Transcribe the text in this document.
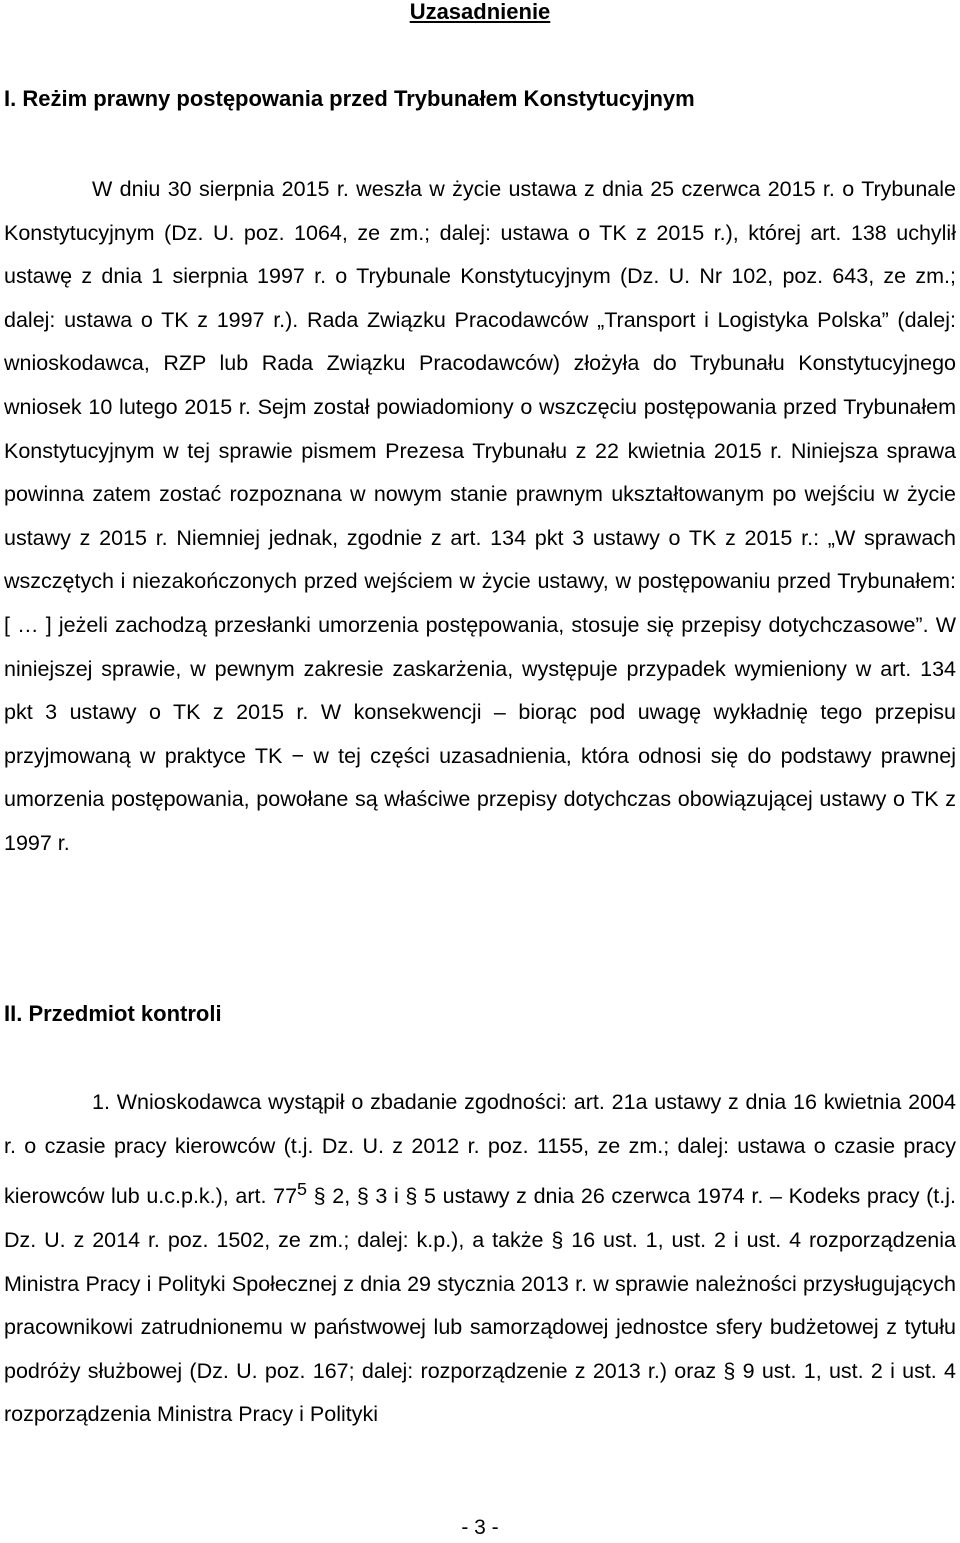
Uzasadnienie
I. Reżim prawny postępowania przed Trybunałem Konstytucyjnym

W dniu 30 sierpnia 2015 r. weszła w życie ustawa z dnia 25 czerwca 2015 r. o Trybunale Konstytucyjnym (Dz. U. poz. 1064, ze zm.; dalej: ustawa o TK z 2015 r.), której art. 138 uchylił ustawę z dnia 1 sierpnia 1997 r. o Trybunale Konstytucyjnym (Dz. U. Nr 102, poz. 643, ze zm.; dalej: ustawa o TK z 1997 r.). Rada Związku Pracodawców „Transport i Logistyka Polska” (dalej: wnioskodawca, RZP lub Rada Związku Pracodawców) złożyła do Trybunału Konstytucyjnego wniosek 10 lutego 2015 r. Sejm został powiadomiony o wszczęciu postępowania przed Trybunałem Konstytucyjnym w tej sprawie pismem Prezesa Trybunału z 22 kwietnia 2015 r. Niniejsza sprawa powinna zatem zostać rozpoznana w nowym stanie prawnym ukształtowanym po wejściu w życie ustawy z 2015 r. Niemniej jednak, zgodnie z art. 134 pkt 3 ustawy o TK z 2015 r.: „W sprawach wszczętych i niezakończonych przed wejściem w życie ustawy, w postępowaniu przed Trybunałem: [ … ] jeżeli zachodzą przesłanki umorzenia postępowania, stosuje się przepisy dotychczasowe”. W niniejszej sprawie, w pewnym zakresie zaskarżenia, występuje przypadek wymieniony w art. 134 pkt 3 ustawy o TK z 2015 r. W konsekwencji – biorąc pod uwagę wykładnię tego przepisu przyjmowaną w praktyce TK − w tej części uzasadnienia, która odnosi się do podstawy prawnej umorzenia postępowania, powołane są właściwe przepisy dotychczas obowiązującej ustawy o TK z 1997 r.

II. Przedmiot kontroli

1. Wnioskodawca wystąpił o zbadanie zgodności: art. 21a ustawy z dnia 16 kwietnia 2004 r. o czasie pracy kierowców (t.j. Dz. U. z 2012 r. poz. 1155, ze zm.; dalej: ustawa o czasie pracy kierowców lub u.c.p.k.), art. $77^5$ § 2, § 3 i § 5 ustawy z dnia 26 czerwca 1974 r. – Kodeks pracy (t.j. Dz. U. z 2014 r. poz. 1502, ze zm.; dalej: k.p.), a także § 16 ust. 1, ust. 2 i ust. 4 rozporządzenia Ministra Pracy i Polityki Społecznej z dnia 29 stycznia 2013 r. w sprawie należności przysługujących pracownikowi zatrudnionemu w państwowej lub samorządowej jednostce sfery budżetowej z tytułu podróży służbowej (Dz. U. poz. 167; dalej: rozporządzenie z 2013 r.) oraz § 9 ust. 1, ust. 2 i ust. 4 rozporządzenia Ministra Pracy i Polityki

- 3 -
